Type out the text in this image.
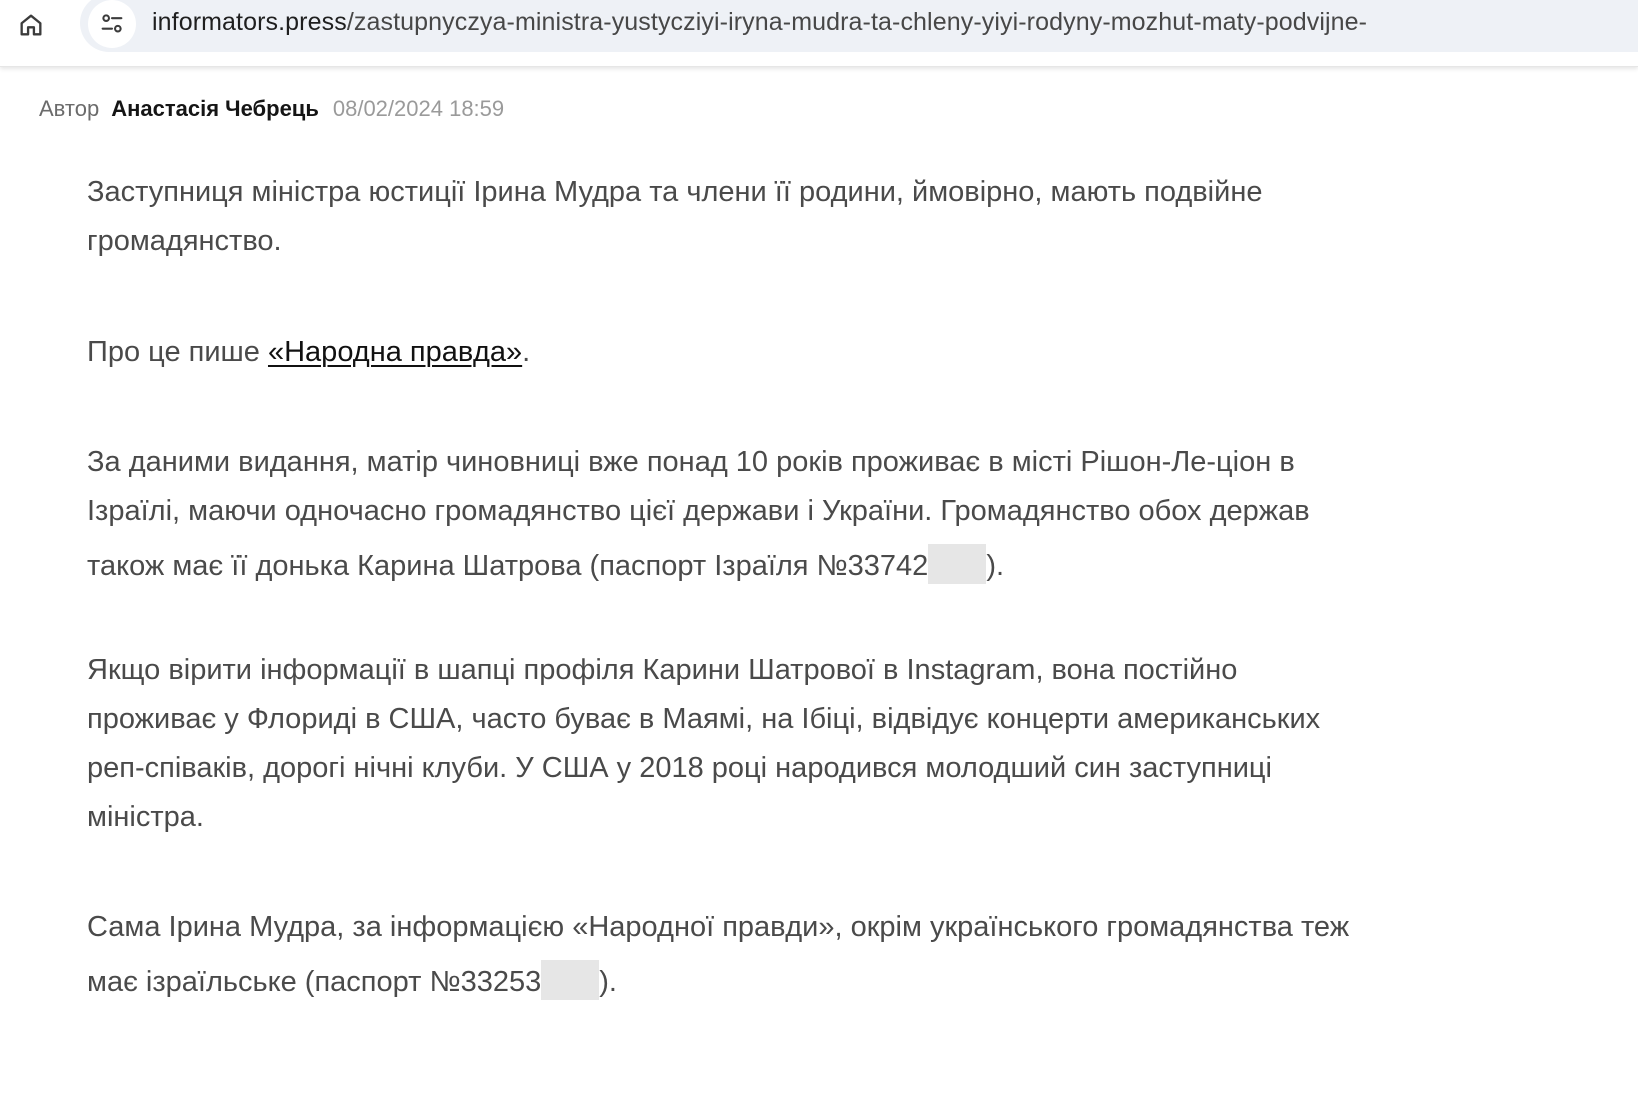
informators.press/zastupnyczya-ministra-yustycziyi-iryna-mudra-ta-chleny-yiyi-rodyny-mozhut-maty-podvijne-
Автор Анастасія Чебрець 08/02/2024 18:59
Заступниця міністра юстиції Ірина Мудра та члени її родини, ймовірно, мають подвійне
громадянство.
Про це пише «Народна правда».
За даними видання, матір чиновниці вже понад 10 років проживає в місті Рішон-Ле-ціон в
Ізраїлі, маючи одночасно громадянство цієї держави і України. Громадянство обох держав
також має її донька Карина Шатрова (паспорт Ізраїля №33742 ).
Якщо вірити інформації в шапці профіля Карини Шатрової в Instagram, вона постійно
проживає у Флориді в США, часто буває в Маямі, на Ібіці, відвідує концерти американських
реп-співаків, дорогі нічні клуби. У США у 2018 році народився молодший син заступниці
міністра.
Сама Ірина Мудра, за інформацією «Народної правди», окрім українського громадянства теж
має ізраїльське (паспорт №33253 ).
